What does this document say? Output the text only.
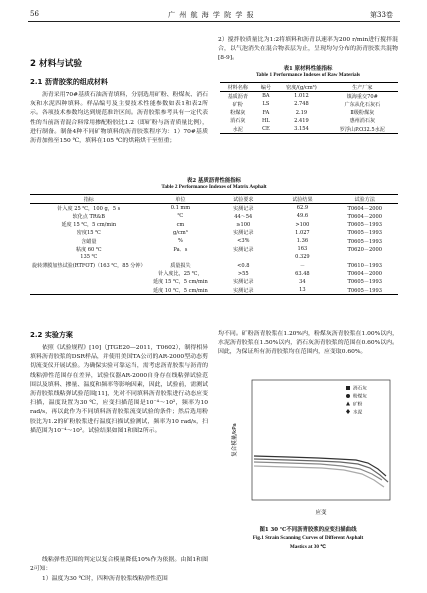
56	广 州 航 海 学 院 学 报	第33卷
2 材料与试验
2.1 沥青胶浆的组成材料
沥青采用70#基质石油沥青填料，分别选用矿粉、粉煤灰、消石灰和水泥四种填料。样品编号及主要技术性能参数如表1和表2所示。各项技术参数均达到规范准许区间。沥青胶浆参考具有一定代表性的当前沥青混合料常用掺配粉胶比1.2（即矿粉与沥青质量比例），进行制备。制备4种不同矿物填料的沥青胶浆程序为：1）70#基质沥青加热至150 ℃，填料在105 ℃的烘箱烘干至恒重；
2）搅拌胶质量比为1:2将填料和沥青以速率为200 r/min进行搅拌混合，以气泡消失在混合物表层为止，呈现均匀分布的沥青胶浆共混物[8-9]。
表1 原材料性能指标
Table 1 Performance Indexes of Raw Materials
材料名称	编号	密度/(g/cm³)	生产厂家
基质沥青	BA	1.012	镇海重交70#
矿粉	LS	2.748	广东从化石灰石
粉煤灰	FA	2.19	Ⅱ级粉煤灰
消石灰	HL	2.419	惠州消石灰
水泥	CE	3.154	罗浮山P.O32.5水泥
表2 基质沥青性能指标
Table 2 Performance Indexes of Matrix Asphalt
指标	单位	试验要求	试验结果	试验方法
针入度 25 ℃，100 g，5 s	0.1 mm	实测记录	62.9	T0604－2000
软化点 TR&B	℃	44～54	49.6	T0604－2000
延度 15 ℃，5 cm/min	cm	≥100	>100	T0605－1993
密度15 ℃	g/cm³	实测记录	1.027	T0605－1993
含蜡量	%	<3%	1.36	T0605－1993
粘度 60 ℃	Pa．s	实测记录	163	T0620－2000
135 ℃			0.329	
旋转薄膜加热试验(RTFOT)（163 ℃，85 分钟）	质量损失	<0.8	－	T0610－1993
	针入度比，25 ℃，	>55	63.48	T0604－2000
	延度 15 ℃，5 cm/min	实测记录	34	T0605－1993
	延度 10 ℃，5 cm/min	实测记录	13	T0605－1993
2.2 实验方案
依照《试验规程》[10]（JTGE20—2011，T0602），制得相异填料沥青胶浆的DSR样品，并使用美国TA公司的AR-2000型动态剪切流变仪开展试验。为确保实验可靠运当，需考虑沥青胶浆与沥青的线粘弹性范围存在差异，试验仪器AR-2000自身存在线粘弹试验范围以及填料、掺量、温度和频率等影响因素，因此，试验前，需测试沥青胶浆线粘弹试验范围[11]，先对不同填料沥青胶浆进行动态应变扫描，温度设置为30 ℃，应变扫描范围是10⁻⁴～10²，频率为10 rad/s，再以此作为不同填料沥青胶浆流变试验的条件；然后选用粉胶比为1.2的矿粉胶浆进行温度扫描试验测试，频率为10 rad/s，扫描范围为10⁻⁴～10²。试验结果如图1和图2所示。
线粘弹性范围的判定以复合模量降低10%作为依据。由图1和图2可知：
1）温度为30 ℃时，四种沥青胶浆线粘弹性范围
均不同。矿粉沥青胶浆在1.20%内，粉煤灰沥青胶浆在1.00%以内，水泥沥青胶浆在1.50%以内，消石灰沥青胶浆的范围在0.60%以内。因此，为保证所有沥青胶浆均在范围内，应变取0.60%。
复合模量/kPa
应变
消石灰
粉煤灰
矿粉
水泥
图1 30 ℃不同沥青胶浆的应变扫描曲线
Fig.1 Strain Scanning Curves of Different Asphalt
Mastics at 30 ℃
